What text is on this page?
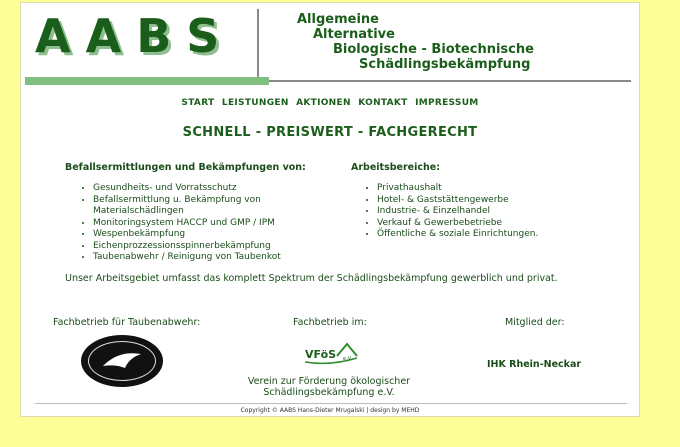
AABS	Allgemeine
Alternative
Biologische - Biotechnische
Schädlingsbekämpfung
START LEISTUNGEN AKTIONEN KONTAKT IMPRESSUM
SCHNELL - PREISWERT - FACHGERECHT
Befallsermittlungen und Bekämpfungen von:
• Gesundheits- und Vorratsschutz
• Befallsermittlung u. Bekämpfung von Materialschädlingen
• Monitoringsystem HACCP und GMP / IPM
• Wespenbekämpfung
• Eichenprozzessionsspinnerbekämpfung
• Taubenabwehr / Reinigung von Taubenkot
Arbeitsbereiche:
• Privathaushalt
• Hotel- & Gaststättengewerbe
• Industrie- & Einzelhandel
• Verkauf & Gewerbebetriebe
• Öffentliche & soziale Einrichtungen.
Unser Arbeitsgebiet umfasst das komplett Spektrum der Schädlingsbekämpfung gewerblich und privat.
Fachbetrieb für Taubenabwehr:	Fachbetrieb im:	Mitglied der:
VFöS e.V.
Verein zur Förderung ökologischer Schädlingsbekämpfung e.V.
IHK Rhein-Neckar
Copyright © AABS Hans-Dieter Mrugalski | design by MEHD
